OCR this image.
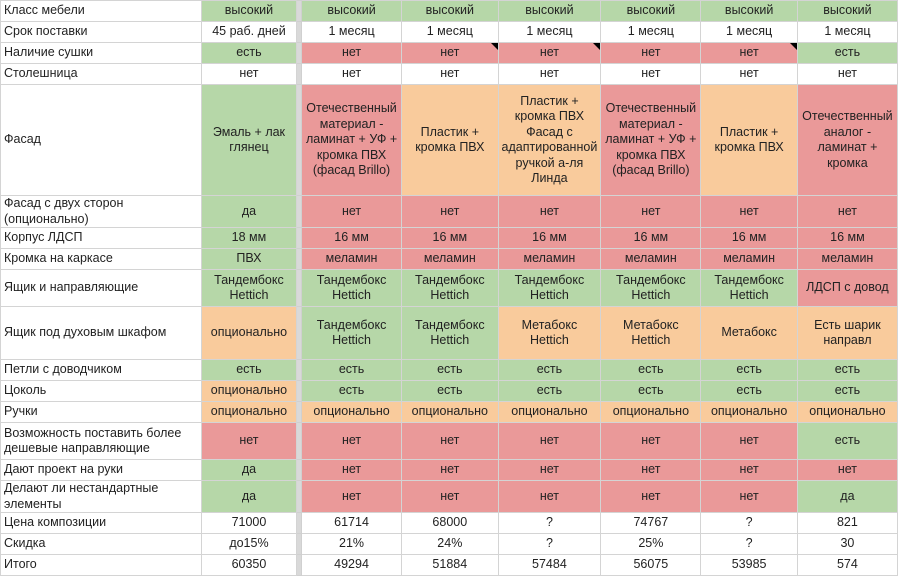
Класс мебели	высокий		высокий	высокий	высокий	высокий	высокий	высокий
Срок поставки	45 раб. дней		1 месяц	1 месяц	1 месяц	1 месяц	1 месяц	1 месяц
Наличие сушки	есть		нет	нет	нет	нет	нет	есть
Столешница	нет		нет	нет	нет	нет	нет	нет
Фасад	Эмаль + лак глянец		Отечественный материал - ламинат + УФ + кромка ПВХ (фасад Brillo)	Пластик + кромка ПВХ	Пластик + кромка ПВХ Фасад с адаптированной ручкой а-ля Линда	Отечественный материал - ламинат + УФ + кромка ПВХ (фасад Brillo)	Пластик + кромка ПВХ	Отечественный аналог - ламинат + кромка
Фасад с двух сторон (опционально)	да		нет	нет	нет	нет	нет	нет
Корпус ЛДСП	18 мм		16 мм	16 мм	16 мм	16 мм	16 мм	16 мм
Кромка на каркасе	ПВХ		меламин	меламин	меламин	меламин	меламин	меламин
Ящик и направляющие	Тандембокс Hettich		Тандембокс Hettich	Тандембокс Hettich	Тандембокс Hettich	Тандембокс Hettich	Тандембокс Hettich	ЛДСП с довод
Ящик под духовым шкафом	опционально		Тандембокс Hettich	Тандембокс Hettich	Метабокс Hettich	Метабокс Hettich	Метабокс	Есть шарик направл
Петли с доводчиком	есть		есть	есть	есть	есть	есть	есть
Цоколь	опционально		есть	есть	есть	есть	есть	есть
Ручки	опционально		опционально	опционально	опционально	опционально	опционально	опционально
Возможность поставить более дешевые направляющие	нет		нет	нет	нет	нет	нет	есть
Дают проект на руки	да		нет	нет	нет	нет	нет	нет
Делают ли нестандартные элементы	да		нет	нет	нет	нет	нет	да
Цена композиции	71000		61714	68000	?	74767	?	821
Скидка	до15%		21%	24%	?	25%	?	30
Итого	60350		49294	51884	57484	56075	53985	574
